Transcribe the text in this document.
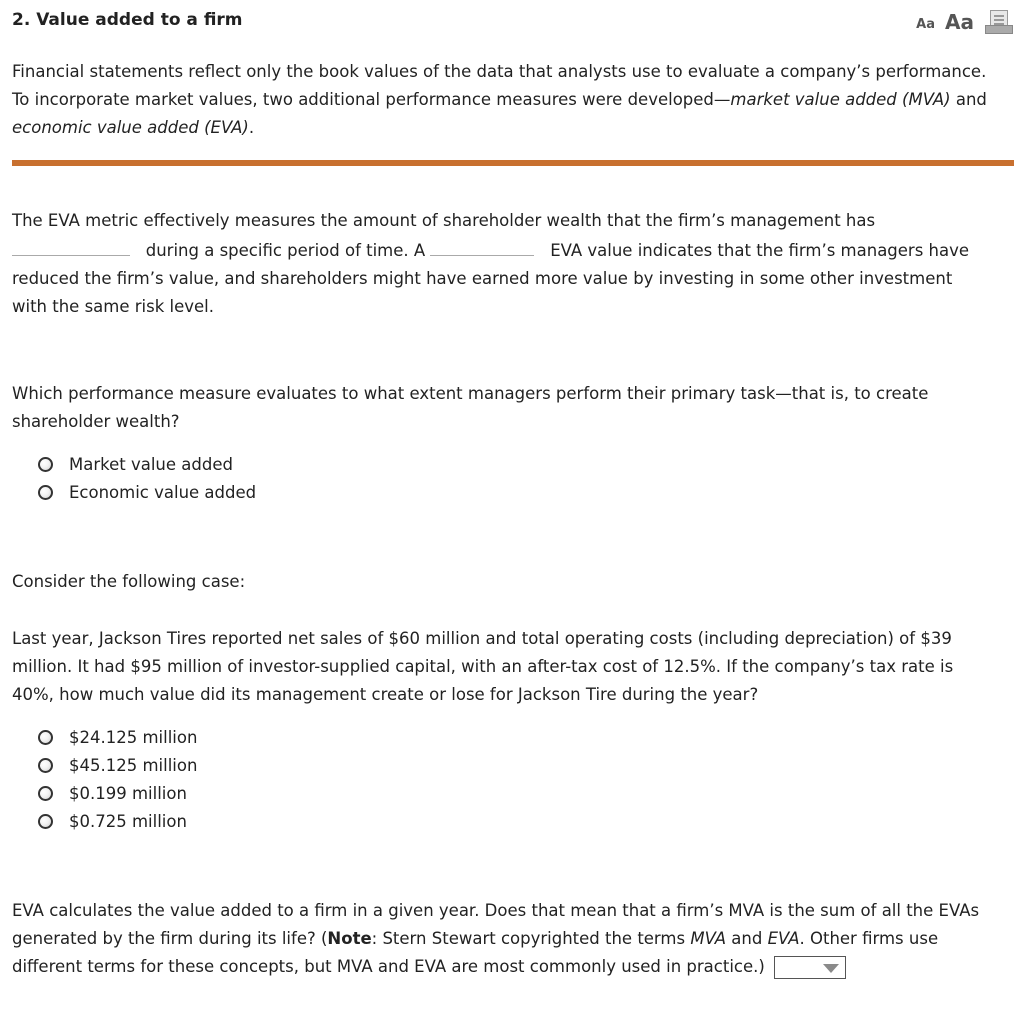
2. Value added to a firm	Aa Aa

Financial statements reflect only the book values of the data that analysts use to evaluate a company’s performance.
To incorporate market values, two additional performance measures were developed—market value added (MVA) and
economic value added (EVA).

The EVA metric effectively measures the amount of shareholder wealth that the firm’s management has
during a specific period of time. A	EVA value indicates that the firm’s managers have
reduced the firm’s value, and shareholders might have earned more value by investing in some other investment
with the same risk level.

Which performance measure evaluates to what extent managers perform their primary task—that is, to create
shareholder wealth?

Market value added
Economic value added

Consider the following case:

Last year, Jackson Tires reported net sales of $60 million and total operating costs (including depreciation) of $39
million. It had $95 million of investor-supplied capital, with an after-tax cost of 12.5%. If the company’s tax rate is
40%, how much value did its management create or lose for Jackson Tire during the year?

$24.125 million
$45.125 million
$0.199 million
$0.725 million

EVA calculates the value added to a firm in a given year. Does that mean that a firm’s MVA is the sum of all the EVAs
generated by the firm during its life? (Note: Stern Stewart copyrighted the terms MVA and EVA. Other firms use
different terms for these concepts, but MVA and EVA are most commonly used in practice.)
